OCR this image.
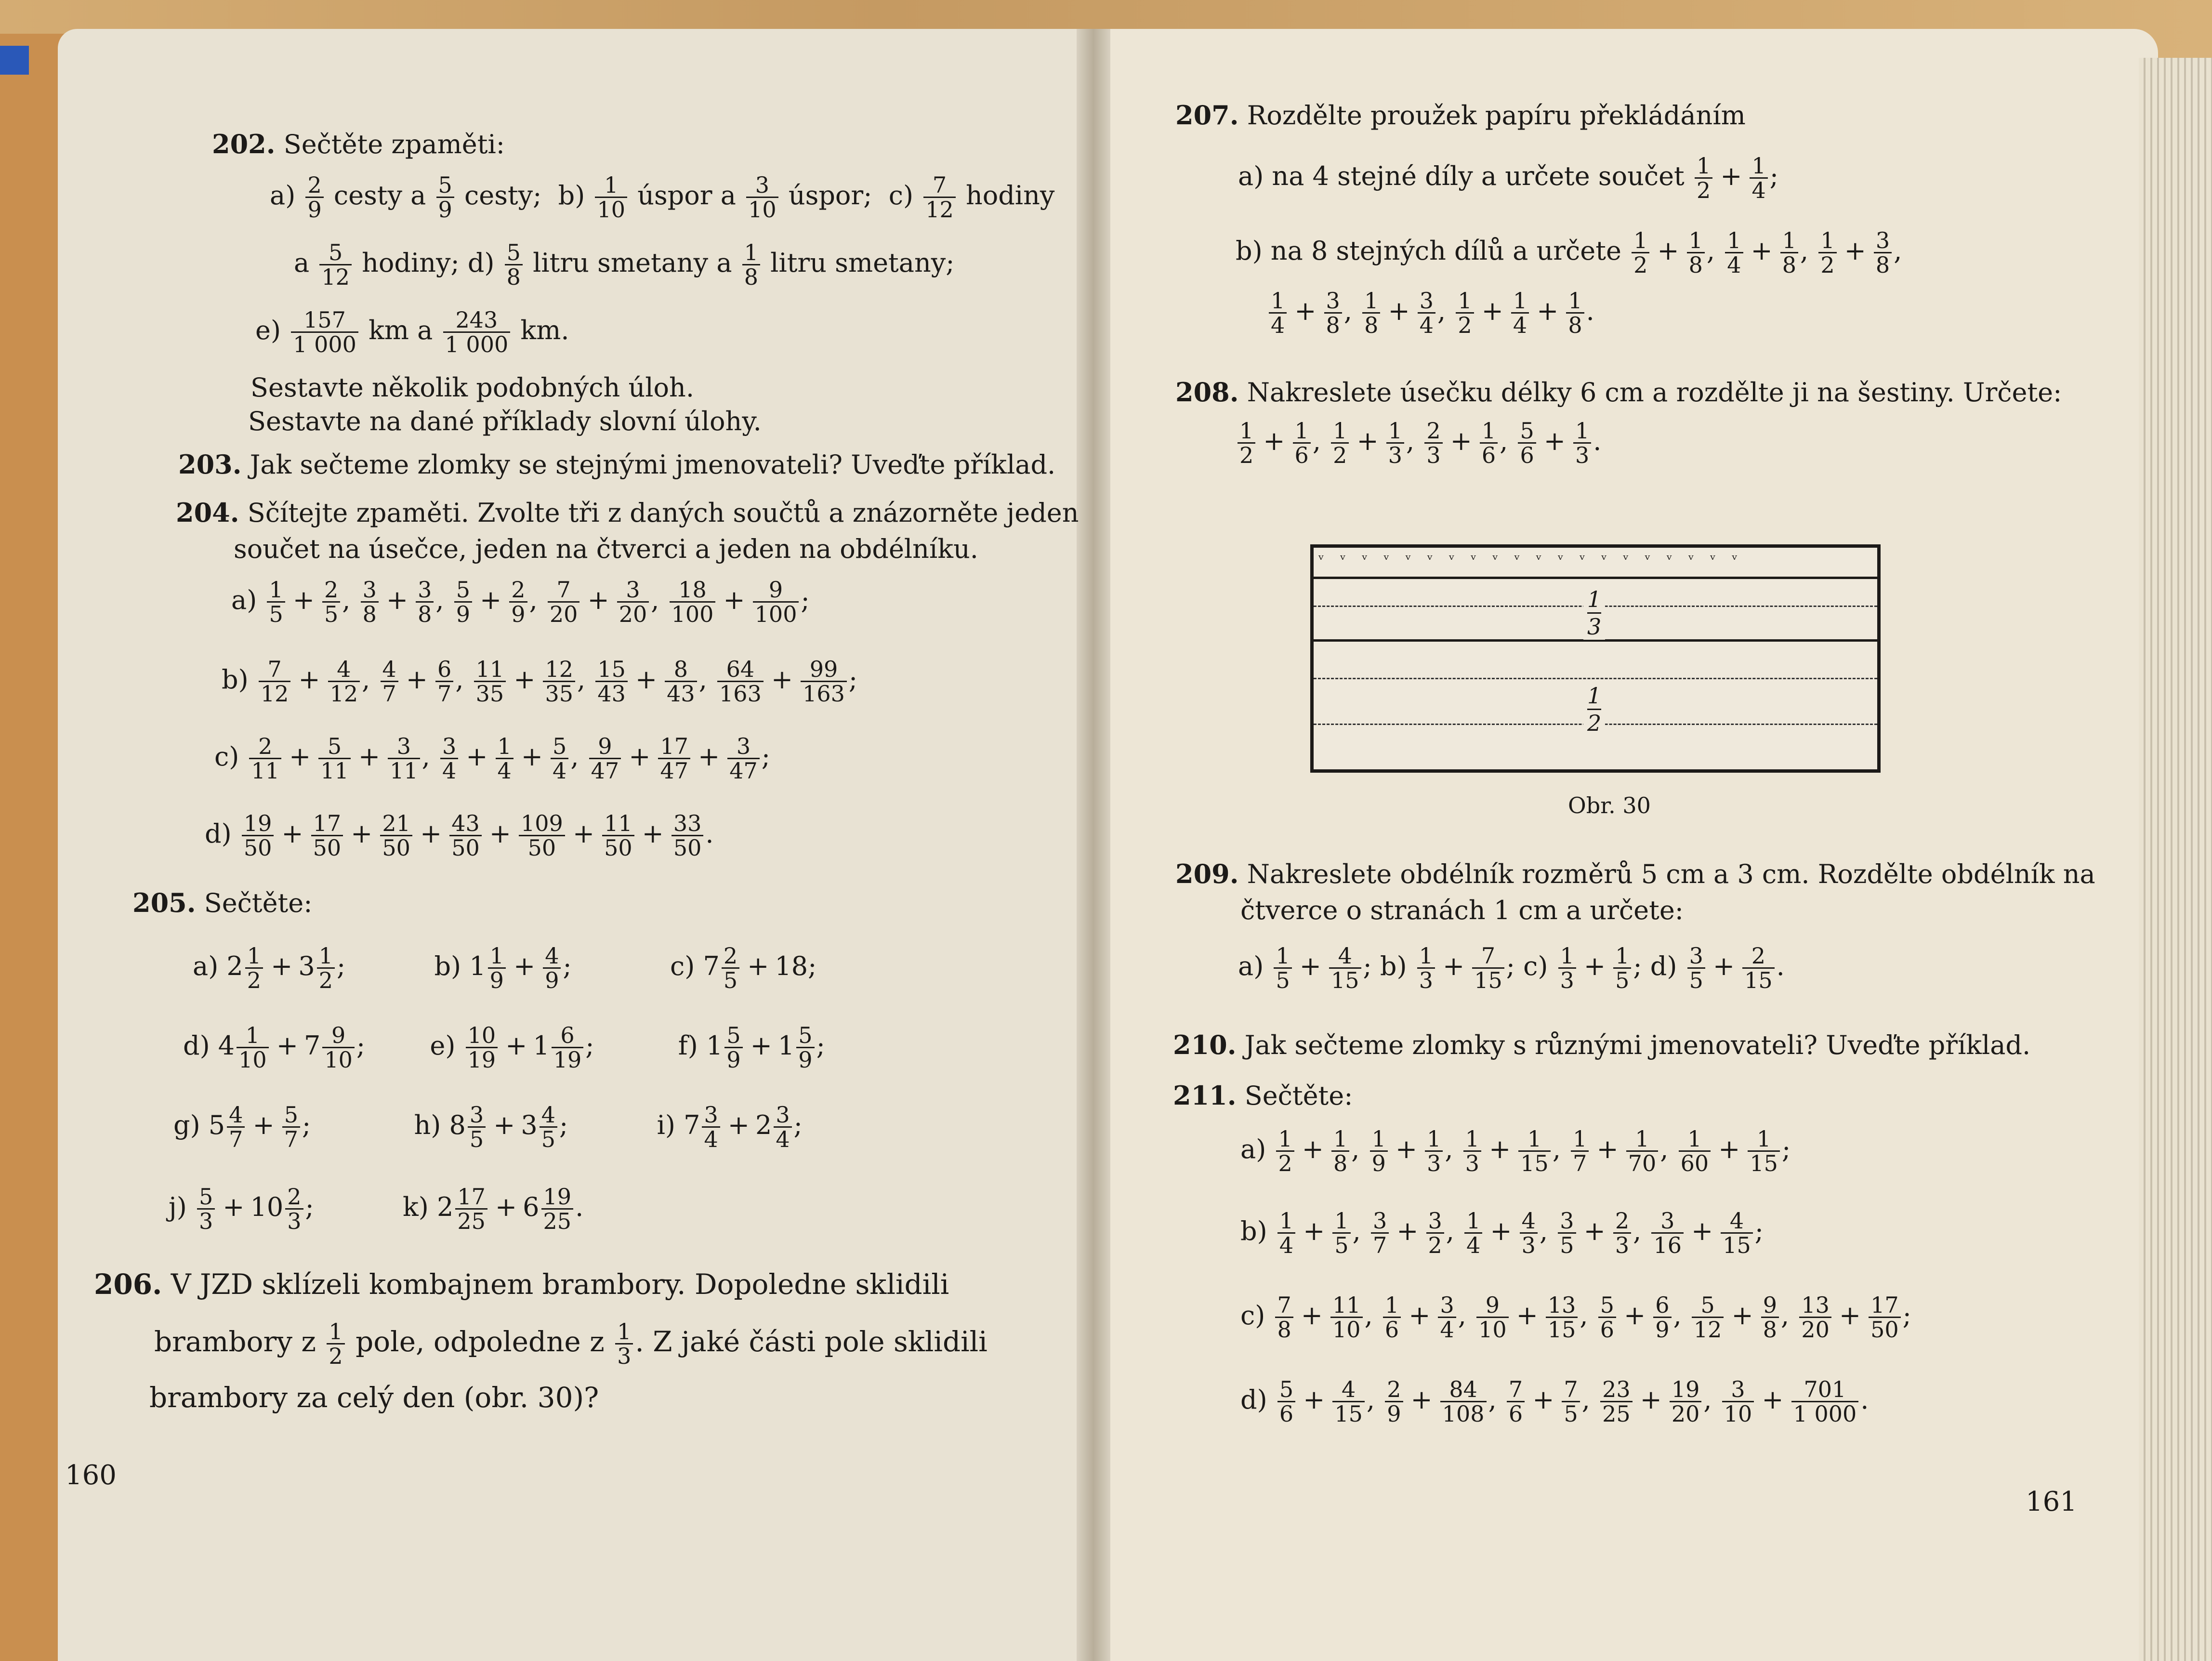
202. Sečtěte zpaměti:
$a) \frac{2}{9}$ cesty a $\frac{5}{9}$ cesty; $b) \frac{1}{10}$ úspor a $\frac{3}{10}$ úspor; $c) \frac{7}{12}$ hodiny
a $\frac{5}{12}$ hodiny; $d) \frac{5}{8}$ litru smetany a $\frac{1}{8}$ litru smetany;
$e) \frac{157}{1 000}$ km a $\frac{243}{1 000}$ km.
Sestavte několik podobných úloh.
Sestavte na dané příklady slovní úlohy.
203. Jak sečteme zlomky se stejnými jmenovateli? Uveďte příklad.
204. Sčítejte zpaměti. Zvolte tři z daných součtů a znázorněte jeden
součet na úsečce, jeden na čtverci a jeden na obdélníku.
$a) \frac{1}{5} + \frac{2}{5}$ , $\frac{3}{8} + \frac{3}{8}$ , $\frac{5}{9} + \frac{2}{9}$ , $\frac{7}{20} + \frac{3}{20}$ , $\frac{18}{100} + \frac{9}{100}$ ;
$b) \frac{7}{12} + \frac{4}{12}$ , $\frac{4}{7} + \frac{6}{7}$ , $\frac{11}{35} + \frac{12}{35}$ , $\frac{15}{43} + \frac{8}{43}$ , $\frac{64}{163} + \frac{99}{163}$ ;
$c) \frac{2}{11} + \frac{5}{11} + \frac{3}{11}$ , $\frac{3}{4} + \frac{1}{4} + \frac{5}{4}$ , $\frac{9}{47} + \frac{17}{47} + \frac{3}{47}$ ;
$d) \frac{19}{50} + \frac{17}{50} + \frac{21}{50} + \frac{43}{50} + \frac{109}{50} + \frac{11}{50} + \frac{33}{50}$ .
205. Sečtěte:
a) $2 \frac{1}{2} + 3 \frac{1}{2}$ ;	b) $1 \frac{1}{9} + \frac{4}{9}$ ;	c) $7 \frac{2}{5} + 18$;
d) $4 \frac{1}{10} + 7 \frac{9}{10}$ ;  $e) \frac{10}{19} + 1 \frac{6}{19}$ ;	f) $1 \frac{5}{9} + 1 \frac{5}{9}$ ;
g) $5 \frac{4}{7} + \frac{5}{7}$ ;	h) $8 \frac{3}{5} + 3 \frac{4}{5}$ ;	i) $7 \frac{3}{4} + 2 \frac{3}{4}$ ;
$j) \frac{5}{3} + 10 \frac{2}{3}$ ;	k) $2 \frac{17}{25} + 6 \frac{19}{25}$ .
206. V JZD sklízeli kombajnem brambory. Dopoledne sklidili
brambory z $\frac{1}{2}$ pole, odpoledne z $\frac{1}{3}$ . Z jaké části pole sklidili
brambory za celý den (obr. 30)?
160
207. Rozdělte proužek papíru překládáním
a) na 4 stejné díly a určete součet $\frac{1}{2} + \frac{1}{4}$ ;
b) na 8 stejných dílů a určete $\frac{1}{2} + \frac{1}{8}$ , $\frac{1}{4} + \frac{1}{8}$ , $\frac{1}{2} + \frac{3}{8}$ ,
$\frac{1}{4} + \frac{3}{8}$ , $\frac{1}{8} + \frac{3}{4}$ , $\frac{1}{2} + \frac{1}{4} + \frac{1}{8}$ .
208. Nakreslete úsečku délky 6 cm a rozdělte ji na šestiny. Určete:
$\frac{1}{2} + \frac{1}{6}$ , $\frac{1}{2} + \frac{1}{3}$ , $\frac{2}{3} + \frac{1}{6}$ , $\frac{5}{6} + \frac{1}{3}$ .
ᵛᵛᵛᵛᵛᵛᵛᵛᵛᵛᵛᵛᵛᵛᵛᵛᵛᵛᵛᵛ
$\frac{1}{3}$
$\frac{1}{2}$
Obr. 30
209. Nakreslete obdélník rozměrů 5 cm a 3 cm. Rozdělte obdélník na
čtverce o stranách 1 cm a určete:
$a) \frac{1}{5} + \frac{4}{15}$ ; $b) \frac{1}{3} + \frac{7}{15}$ ; $c) \frac{1}{3} + \frac{1}{5}$ ; $d) \frac{3}{5} + \frac{2}{15}$ .
210. Jak sečteme zlomky s různými jmenovateli? Uveďte příklad.
211. Sečtěte:
$a) \frac{1}{2} + \frac{1}{8}$ , $\frac{1}{9} + \frac{1}{3}$ , $\frac{1}{3} + \frac{1}{15}$ , $\frac{1}{7} + \frac{1}{70}$ , $\frac{1}{60} + \frac{1}{15}$ ;
$b) \frac{1}{4} + \frac{1}{5}$ , $\frac{3}{7} + \frac{3}{2}$ , $\frac{1}{4} + \frac{4}{3}$ , $\frac{3}{5} + \frac{2}{3}$ , $\frac{3}{16} + \frac{4}{15}$ ;
$c) \frac{7}{8} + \frac{11}{10}$ , $\frac{1}{6} + \frac{3}{4}$ , $\frac{9}{10} + \frac{13}{15}$ , $\frac{5}{6} + \frac{6}{9}$ , $\frac{5}{12} + \frac{9}{8}$ , $\frac{13}{20} + \frac{17}{50}$ ;
$d) \frac{5}{6} + \frac{4}{15}$ , $\frac{2}{9} + \frac{84}{108}$ , $\frac{7}{6} + \frac{7}{5}$ , $\frac{23}{25} + \frac{19}{20}$ , $\frac{3}{10} + \frac{701}{1 000}$ .
161
